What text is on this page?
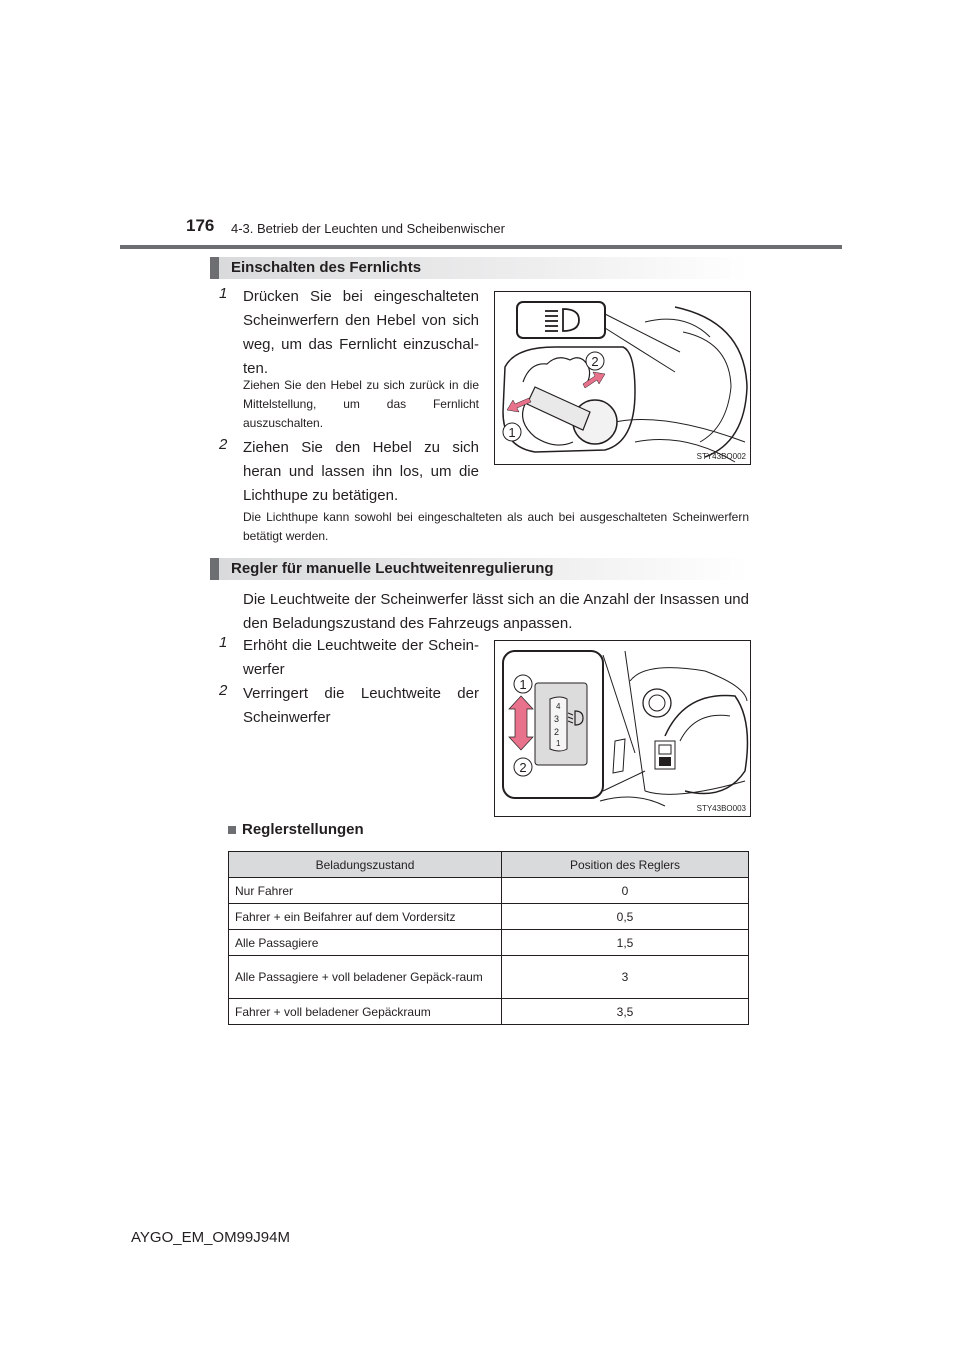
176 4-3. Betrieb der Leuchten und Scheibenwischer
Einschalten des Fernlichts
1 Drücken Sie bei eingeschalteten Scheinwerfern den Hebel von sich weg, um das Fernlicht einzuschal-ten.
Ziehen Sie den Hebel zu sich zurück in die Mittelstellung, um das Fernlicht auszuschalten.
2 Ziehen Sie den Hebel zu sich heran und lassen ihn los, um die Lichthupe zu betätigen.
2
1
STY43BO002
Die Lichthupe kann sowohl bei eingeschalteten als auch bei ausgeschalteten Scheinwerfern betätigt werden.
Regler für manuelle Leuchtweitenregulierung
Die Leuchtweite der Scheinwerfer lässt sich an die Anzahl der Insassen und den Beladungszustand des Fahrzeugs anpassen.
1 Erhöht die Leuchtweite der Schein-werfer
2 Verringert die Leuchtweite der Scheinwerfer
4
3
2
1
1
2
STY43BO003
Reglerstellungen
Beladungszustand	Position des Reglers
Nur Fahrer	0
Fahrer + ein Beifahrer auf dem Vordersitz	0,5
Alle Passagiere	1,5
Alle Passagiere + voll beladener Gepäck-raum	3
Fahrer + voll beladener Gepäckraum	3,5
AYGO_EM_OM99J94M
